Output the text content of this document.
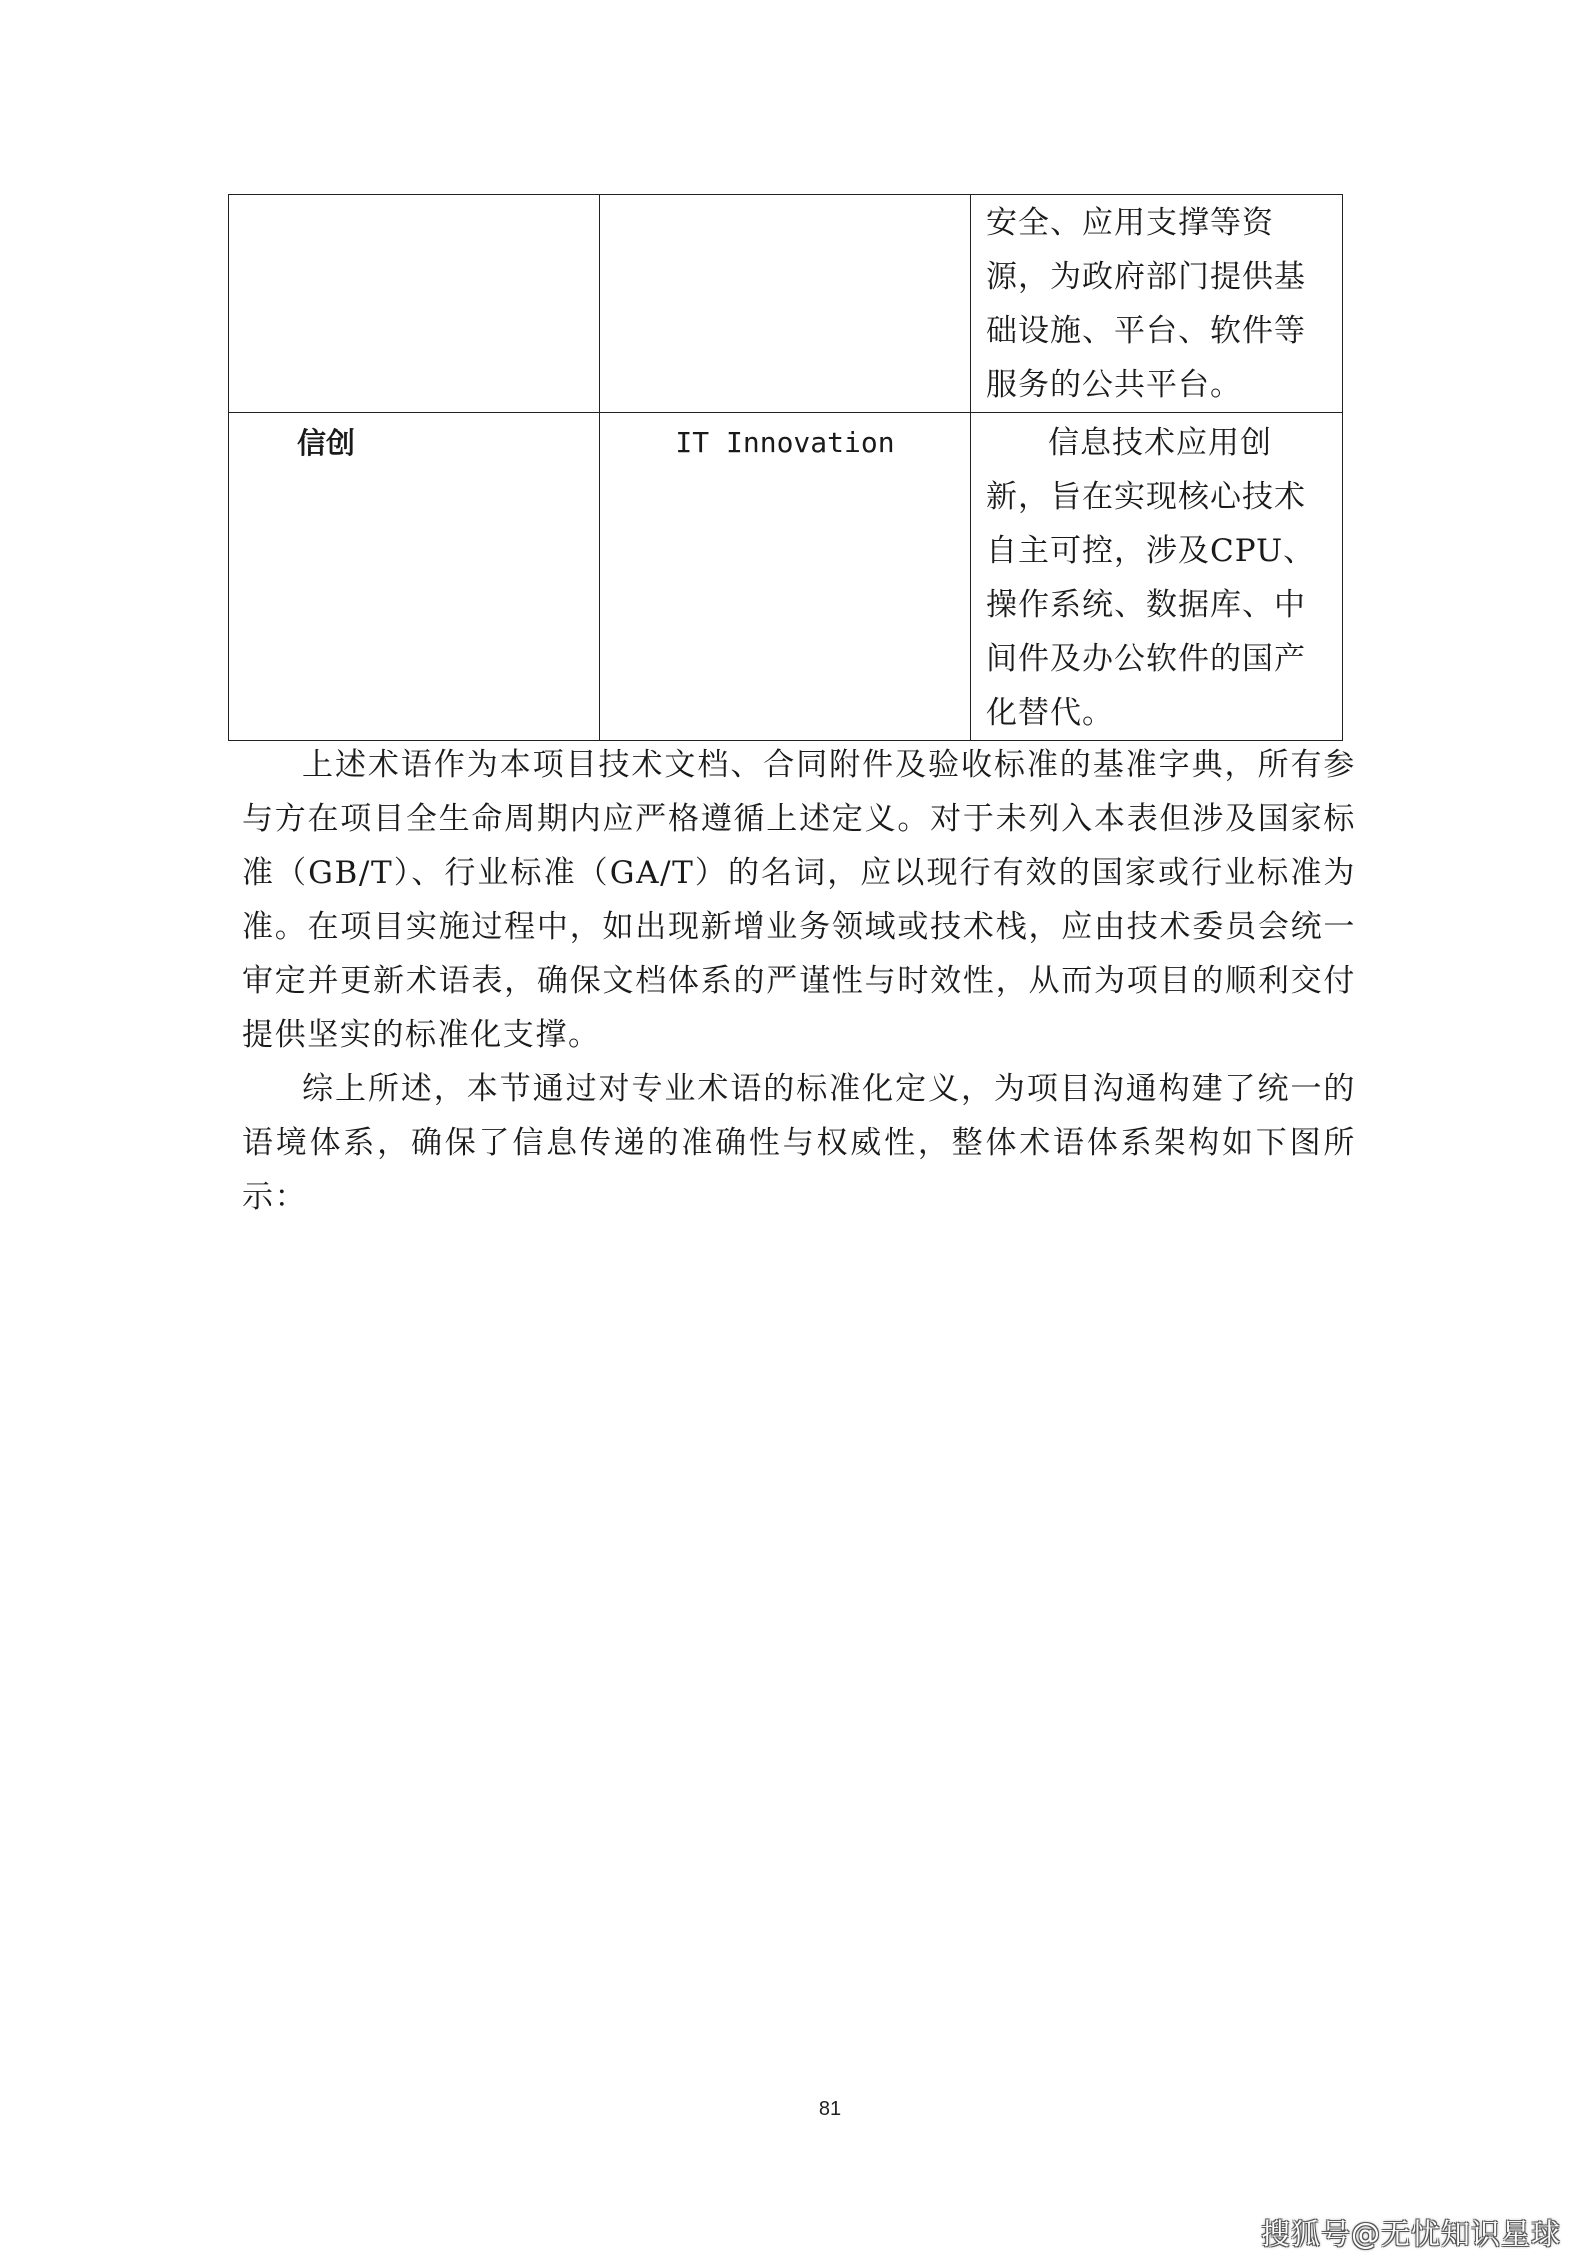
		安全、应用支撑等资源，为政府部门提供基础设施、平台、软件等服务的公共平台。

信创	IT Innovation	信息技术应用创新，旨在实现核心技术自主可控，涉及CPU、操作系统、数据库、中间件及办公软件的国产化替代。

上述术语作为本项目技术文档、合同附件及验收标准的基准字典，所有参与方在项目全生命周期内应严格遵循上述定义。对于未列入本表但涉及国家标准（GB/T）、行业标准（GA/T）的名词，应以现行有效的国家或行业标准为准。在项目实施过程中，如出现新增业务领域或技术栈，应由技术委员会统一审定并更新术语表，确保文档体系的严谨性与时效性，从而为项目的顺利交付提供坚实的标准化支撑。

综上所述，本节通过对专业术语的标准化定义，为项目沟通构建了统一的语境体系，确保了信息传递的准确性与权威性，整体术语体系架构如下图所示：

81
搜狐号@无忧知识星球
